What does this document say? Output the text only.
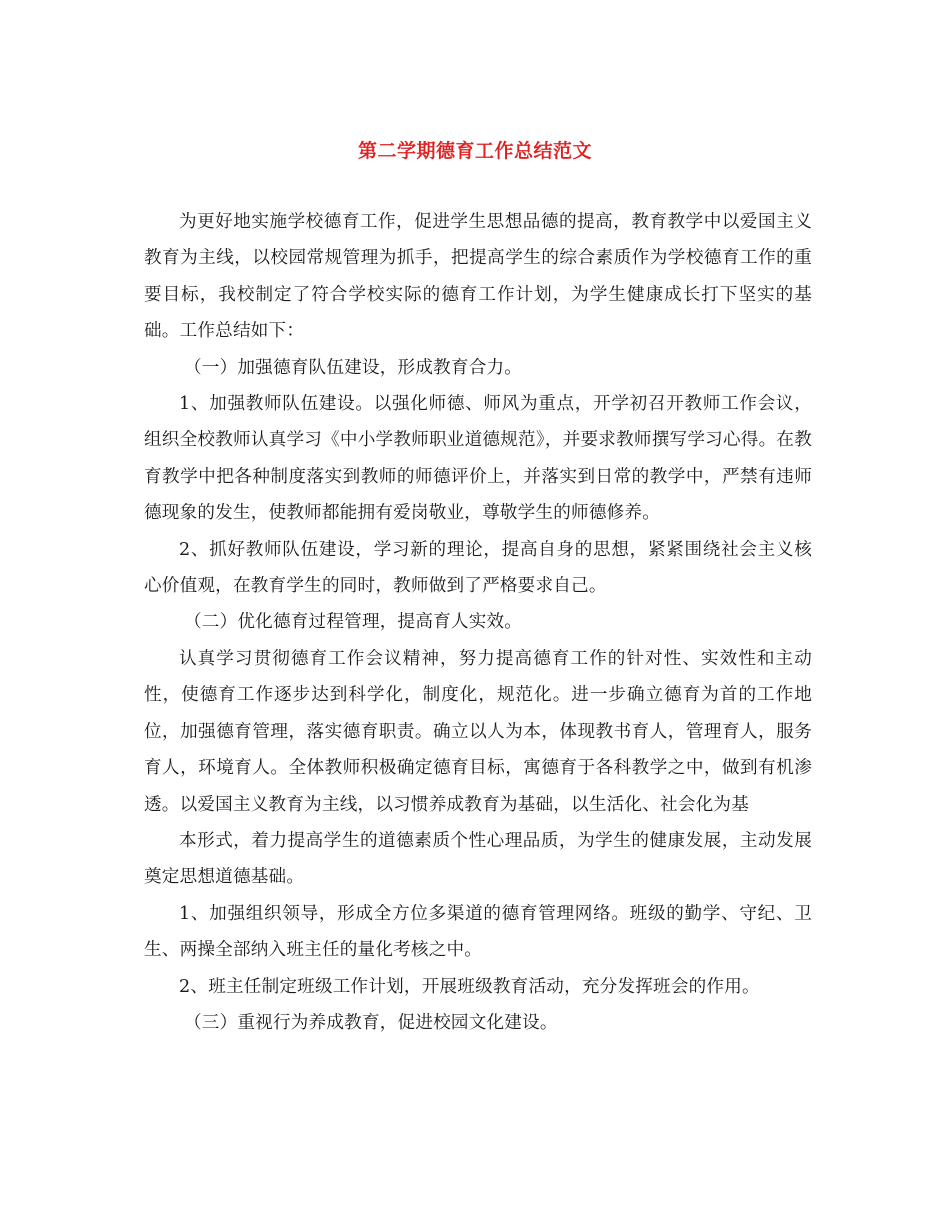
第二学期德育工作总结范文

为更好地实施学校德育工作，促进学生思想品德的提高，教育教学中以爱国主义教育为主线，以校园常规管理为抓手，把提高学生的综合素质作为学校德育工作的重要目标，我校制定了符合学校实际的德育工作计划，为学生健康成长打下坚实的基础。工作总结如下：

（一）加强德育队伍建设，形成教育合力。

1、加强教师队伍建设。以强化师德、师风为重点，开学初召开教师工作会议，组织全校教师认真学习《中小学教师职业道德规范》，并要求教师撰写学习心得。在教育教学中把各种制度落实到教师的师德评价上，并落实到日常的教学中，严禁有违师德现象的发生，使教师都能拥有爱岗敬业，尊敬学生的师德修养。

2、抓好教师队伍建设，学习新的理论，提高自身的思想，紧紧围绕社会主义核心价值观，在教育学生的同时，教师做到了严格要求自己。

（二）优化德育过程管理，提高育人实效。

认真学习贯彻德育工作会议精神，努力提高德育工作的针对性、实效性和主动性，使德育工作逐步达到科学化，制度化，规范化。进一步确立德育为首的工作地位，加强德育管理，落实德育职责。确立以人为本，体现教书育人，管理育人，服务育人，环境育人。全体教师积极确定德育目标，寓德育于各科教学之中，做到有机渗透。以爱国主义教育为主线，以习惯养成教育为基础，以生活化、社会化为基

本形式，着力提高学生的道德素质个性心理品质，为学生的健康发展，主动发展奠定思想道德基础。

1、加强组织领导，形成全方位多渠道的德育管理网络。班级的勤学、守纪、卫生、两操全部纳入班主任的量化考核之中。

2、班主任制定班级工作计划，开展班级教育活动，充分发挥班会的作用。

（三）重视行为养成教育，促进校园文化建设。
